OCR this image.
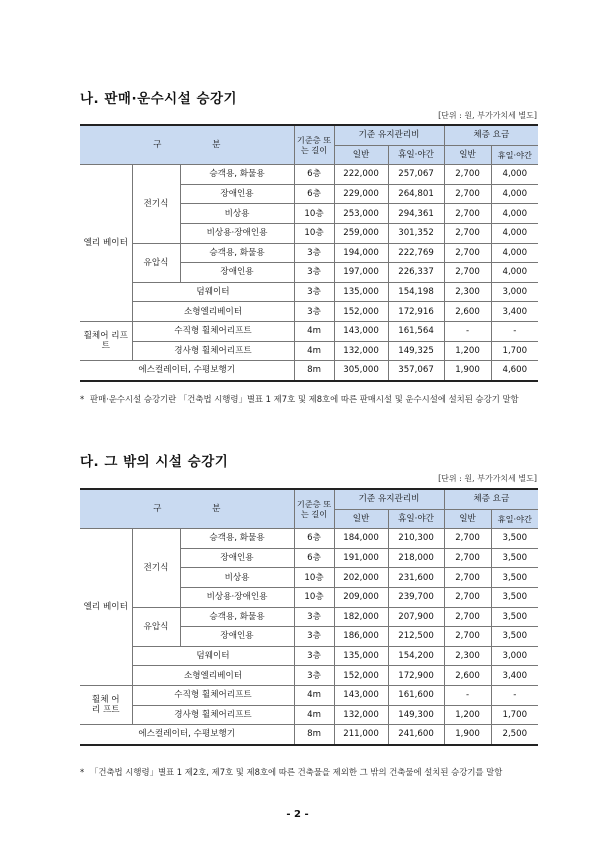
나. 판매·운수시설 승강기
[단위 : 원, 부가가치세 별도]
구 분			기준층 또는 길이	기준 유지관리비		체증 요금	
				일반	휴일·야간	일반	휴일·야간
엘리 베이터	전기식	승객용, 화물용	6층	222,000	257,067	2,700	4,000
		장애인용	6층	229,000	264,801	2,700	4,000
		비상용	10층	253,000	294,361	2,700	4,000
		비상용·장애인용	10층	259,000	301,352	2,700	4,000
	유압식	승객용, 화물용	3층	194,000	222,769	2,700	4,000
		장애인용	3층	197,000	226,337	2,700	4,000
	덤웨이터		3층	135,000	154,198	2,300	3,000
	소형엘리베이터		3층	152,000	172,916	2,600	3,400
휠체어 리프트	수직형 휠체어리프트		4m	143,000	161,564	-	-
	경사형 휠체어리프트		4m	132,000	149,325	1,200	1,700
에스컬레이터, 수평보행기			8m	305,000	357,067	1,900	4,600
* 판매·운수시설 승강기란 「건축법 시행령」별표 1 제7호 및 제8호에 따른 판매시설 및 운수시설에 설치된 승강기 말함
다. 그 밖의 시설 승강기
[단위 : 원, 부가가치세 별도]
구 분			기준층 또는 길이	기준 유지관리비		체증 요금	
				일반	휴일·야간	일반	휴일·야간
엘리 베이터	전기식	승객용, 화물용	6층	184,000	210,300	2,700	3,500
		장애인용	6층	191,000	218,000	2,700	3,500
		비상용	10층	202,000	231,600	2,700	3,500
		비상용·장애인용	10층	209,000	239,700	2,700	3,500
	유압식	승객용, 화물용	3층	182,000	207,900	2,700	3,500
		장애인용	3층	186,000	212,500	2,700	3,500
	덤웨이터		3층	135,000	154,200	2,300	3,000
	소형엘리베이터		3층	152,000	172,900	2,600	3,400
휠체 어리 프트	수직형 휠체어리프트		4m	143,000	161,600	-	-
	경사형 휠체어리프트		4m	132,000	149,300	1,200	1,700
에스컬레이터, 수평보행기			8m	211,000	241,600	1,900	2,500
* 「건축법 시행령」별표 1 제2호, 제7호 및 제8호에 따른 건축물을 제외한 그 밖의 건축물에 설치된 승강기를 말함
- 2 -
